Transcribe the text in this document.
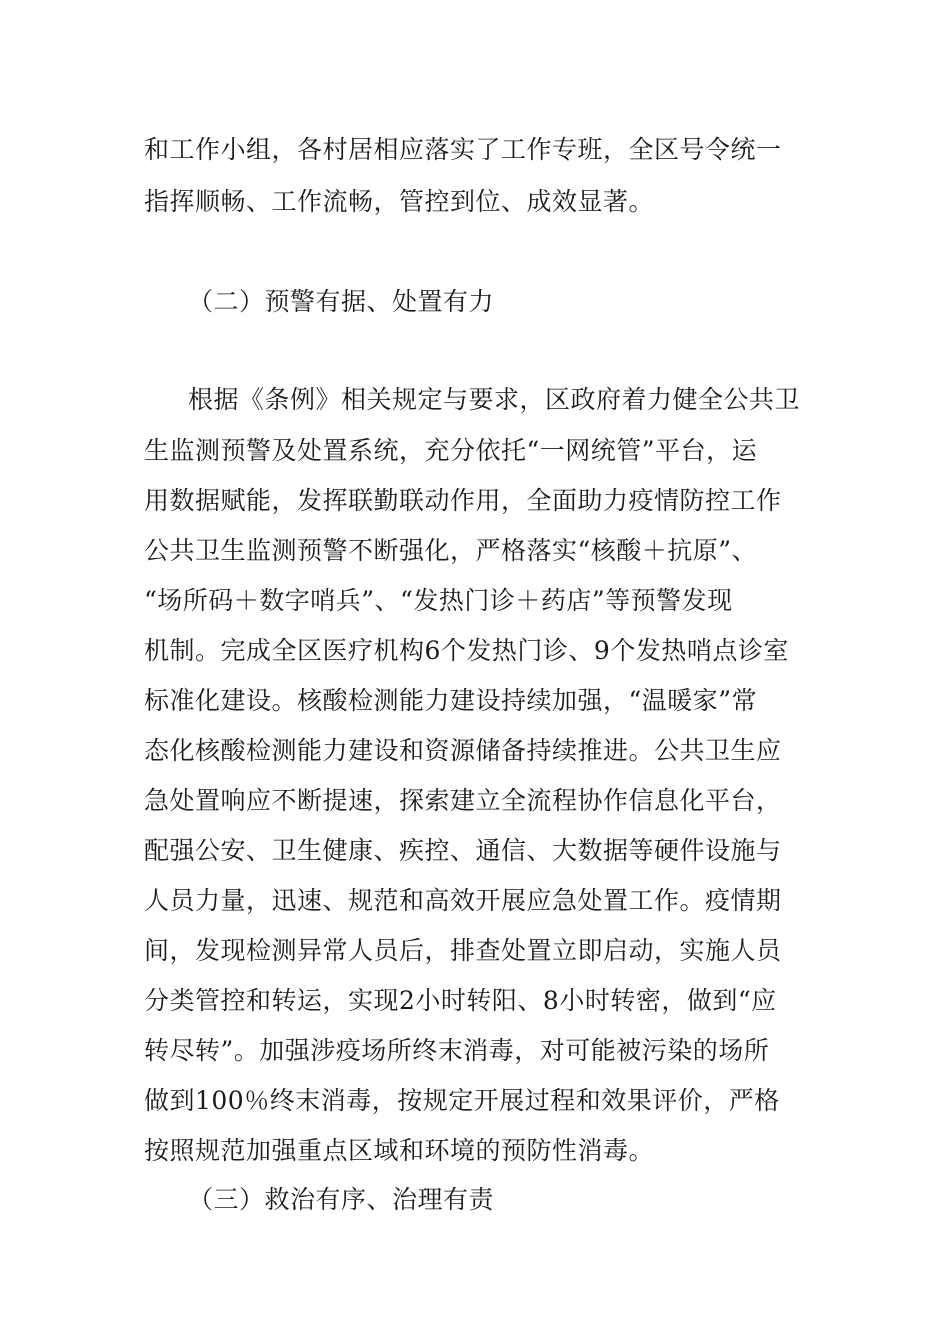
和工作小组，各村居相应落实了工作专班，全区号令统一
指挥顺畅、工作流畅，管控到位、成效显著。
（二）预警有据、处置有力
根据《条例》相关规定与要求，区政府着力健全公共卫
生监测预警及处置系统，充分依托“一网统管”平台，运
用数据赋能，发挥联勤联动作用，全面助力疫情防控工作
公共卫生监测预警不断强化，严格落实“核酸＋抗原”、
“场所码＋数字哨兵”、“发热门诊＋药店”等预警发现
机制。完成全区医疗机构6个发热门诊、9个发热哨点诊室
标准化建设。核酸检测能力建设持续加强，“温暖家”常
态化核酸检测能力建设和资源储备持续推进。公共卫生应
急处置响应不断提速，探索建立全流程协作信息化平台，
配强公安、卫生健康、疾控、通信、大数据等硬件设施与
人员力量，迅速、规范和高效开展应急处置工作。疫情期
间，发现检测异常人员后，排查处置立即启动，实施人员
分类管控和转运，实现2小时转阳、8小时转密，做到“应
转尽转”。加强涉疫场所终末消毒，对可能被污染的场所
做到100％终末消毒，按规定开展过程和效果评价，严格
按照规范加强重点区域和环境的预防性消毒。
（三）救治有序、治理有责
